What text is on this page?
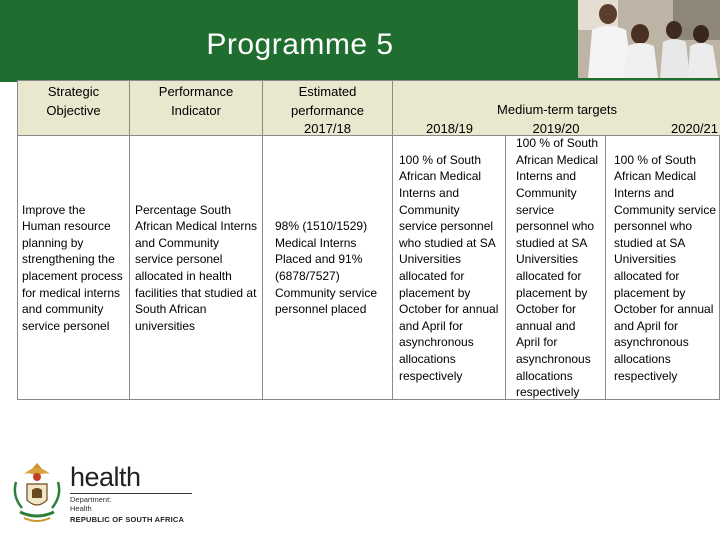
Programme 5
Strategic Objective
Performance Indicator
Estimated performance
2017/18
Medium-term targets
2018/19	2019/20	2020/21
Improve the Human resource planning by strengthening the placement process for medical interns and community service personel
Percentage South African Medical Interns and Community service personel allocated in health facilities that studied at South African universities
98% (1510/1529) Medical Interns Placed and 91% (6878/7527) Community service personnel placed
100 % of South African Medical Interns and Community service personnel who studied at SA Universities allocated for placement by October for annual and April for asynchronous allocations respectively
100 % of South African Medical Interns and Community service personnel who studied at SA Universities allocated for placement by October for annual and April for asynchronous allocations respectively
100 % of South African Medical Interns and Community service personnel who studied at SA Universities allocated for placement by October for annual and April for asynchronous allocations respectively
health
Department:
Health
REPUBLIC OF SOUTH AFRICA
